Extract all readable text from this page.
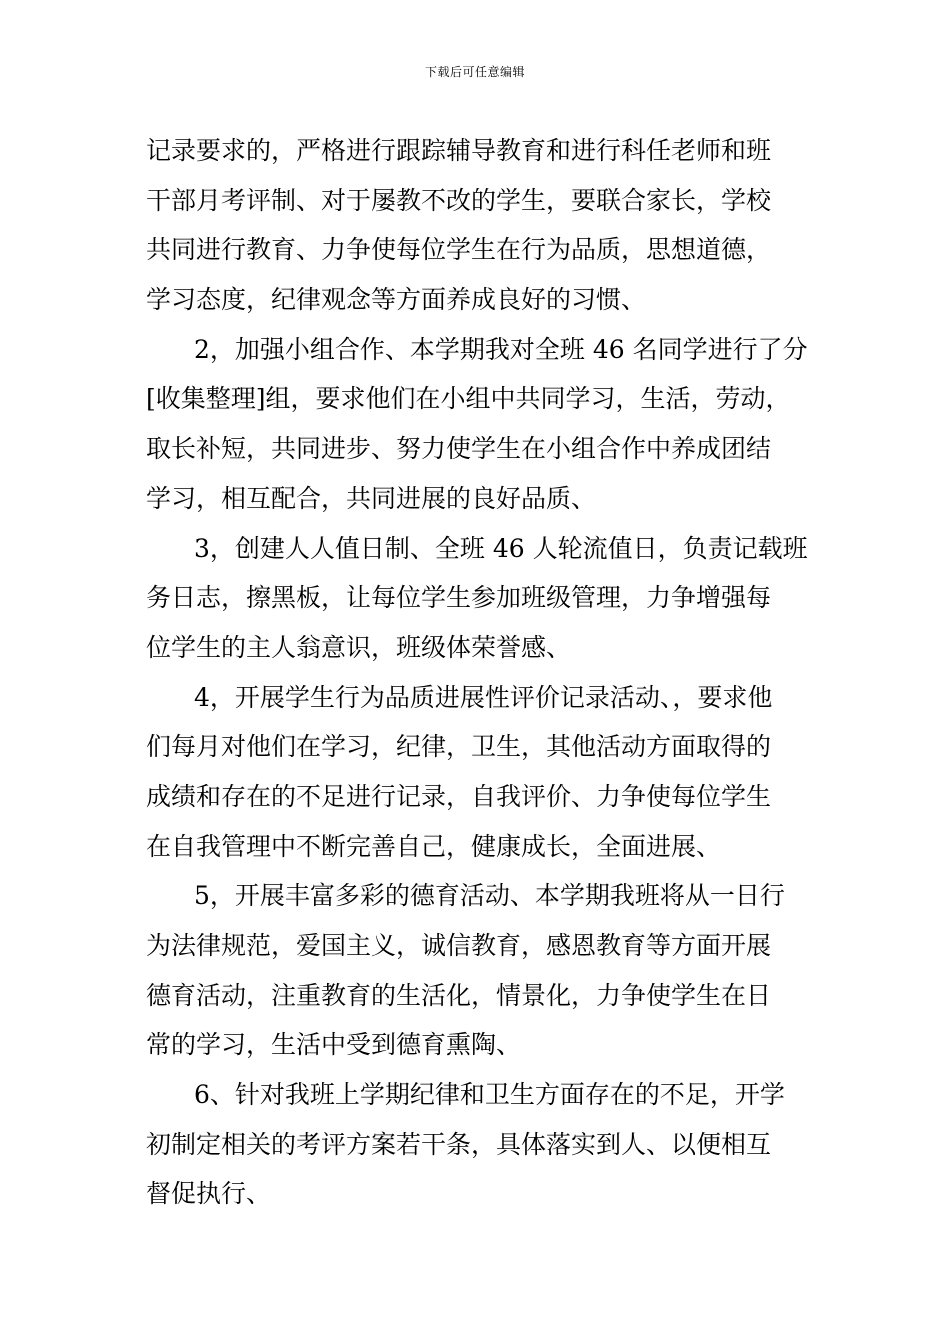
下载后可任意编辑
记录要求的，严格进行跟踪辅导教育和进行科任老师和班
干部月考评制、对于屡教不改的学生，要联合家长，学校
共同进行教育、力争使每位学生在行为品质，思想道德，
学习态度，纪律观念等方面养成良好的习惯、
2，加强小组合作、本学期我对全班 46 名同学进行了分
[收集整理]组，要求他们在小组中共同学习，生活，劳动，
取长补短，共同进步、努力使学生在小组合作中养成团结
学习，相互配合，共同进展的良好品质、
3，创建人人值日制、全班 46 人轮流值日，负责记载班
务日志，擦黑板，让每位学生参加班级管理，力争增强每
位学生的主人翁意识，班级体荣誉感、
4，开展学生行为品质进展性评价记录活动、，要求他
们每月对他们在学习，纪律，卫生，其他活动方面取得的
成绩和存在的不足进行记录，自我评价、力争使每位学生
在自我管理中不断完善自己，健康成长，全面进展、
5，开展丰富多彩的德育活动、本学期我班将从一日行
为法律规范，爱国主义，诚信教育，感恩教育等方面开展
德育活动，注重教育的生活化，情景化，力争使学生在日
常的学习，生活中受到德育熏陶、
6、针对我班上学期纪律和卫生方面存在的不足，开学
初制定相关的考评方案若干条，具体落实到人、以便相互
督促执行、
